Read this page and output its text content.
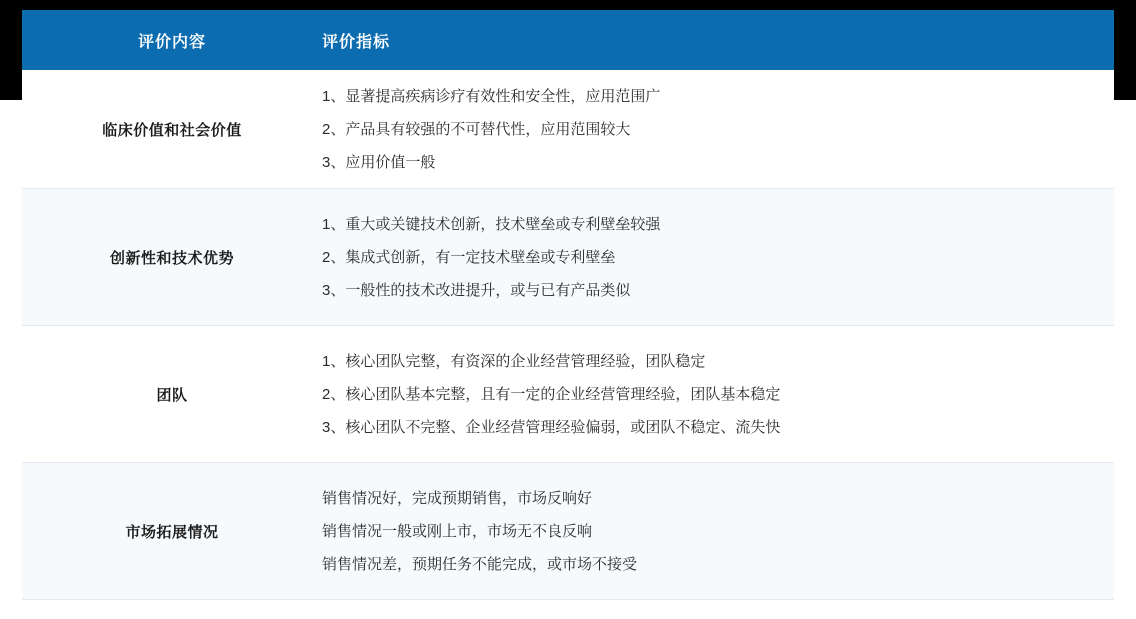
评价内容	评价指标
临床价值和社会价值	
1、显著提高疾病诊疗有效性和安全性，应用范围广
2、产品具有较强的不可替代性，应用范围较大
3、应用价值一般

创新性和技术优势	
1、重大或关键技术创新，技术壁垒或专利壁垒较强
2、集成式创新，有一定技术壁垒或专利壁垒
3、一般性的技术改进提升，或与已有产品类似

团队	
1、核心团队完整，有资深的企业经营管理经验，团队稳定
2、核心团队基本完整，且有一定的企业经营管理经验，团队基本稳定
3、核心团队不完整、企业经营管理经验偏弱，或团队不稳定、流失快

市场拓展情况	
销售情况好，完成预期销售，市场反响好
销售情况一般或刚上市，市场无不良反响
销售情况差，预期任务不能完成，或市场不接受
